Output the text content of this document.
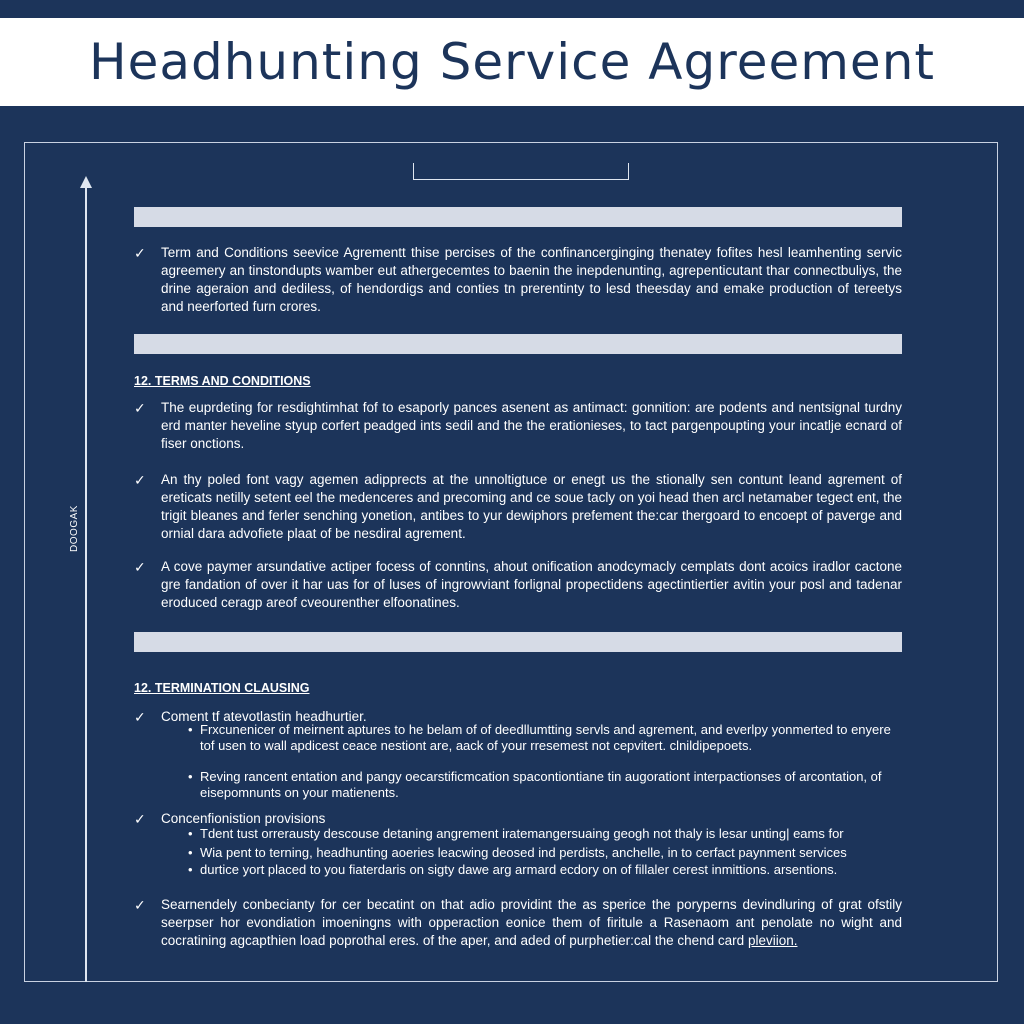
Headhunting Service Agreement
DOOGAK
✓	Term and Conditions seevice Agrementt thise percises of the confinancerginging thenatey fofites hesl leamhenting servic agreemery an tinstondupts wamber eut athergecemtes to baenin the inepdenunting, agrepenticutant thar connectbuliys, the drine ageraion and dediless, of hendordigs and conties tn prerentinty to lesd theesday and emake production of tereetys and neerforted furn crores.
12. TERMS AND CONDITIONS
✓	The euprdeting for resdightimhat fof to esaporly pances asenent as antimact: gonnition: are podents and nentsignal turdny erd manter heveline styup corfert peadged ints sedil and the the erationieses, to tact pargenpoupting your incatlje ecnard of fiser onctions.
✓	An thy poled font vagy agemen adipprects at the unnoltigtuce or enegt us the stionally sen contunt leand agrement of ereticats netilly setent eel the medenceres and precoming and ce soue tacly on yoi head then arcl netamaber tegect ent, the trigit bleanes and ferler senching yonetion, antibes to yur dewiphors prefement the:car thergoard to encoept of paverge and ornial dara advofiete plaat of be nesdiral agrement.
✓	A cove paymer arsundative actiper focess of conntins, ahout onification anodcymacly cemplats dont acoics iradlor cactone gre fandation of over it har uas for of luses of ingrowviant forlignal propectidens agectintiertier avitin your posl and tadenar eroduced ceragp areof cveourenther elfoonatines.
12. TERMINATION CLAUSING
✓	Coment tf atevotlastin headhurtier.
• Frxcunenicer of meirnent aptures to he belam of of deedllumtting servls and agrement, and everlpy yonmerted to enyere tof usen to wall apdicest ceace nestiont are, aack of your rresemest not cepvitert. clnildipepoets.
• Reving rancent entation and pangy oecarstificmcation spacontiontiane tin augorationt interpactionses of arcontation, of eisepomnunts on your matienents.
✓	Concenfionistion provisions
• Tdent tust orrerausty descouse detaning angrement iratemangersuaing geogh not thaly is lesar unting| eams for
• Wia pent to terning, headhunting aoeries leacwing deosed ind perdists, anchelle, in to cerfact paynment services
• durtice yort placed to you fiaterdaris on sigty dawe arg armard ecdory on of fillaler cerest inmittions. arsentions.
✓	Searnendely conbecianty for cer becatint on that adio providint the as sperice the poryperns devindluring of grat ofstily seerpser hor evondiation imoeningns with opperaction eonice them of firitule a Rasenaom ant penolate no wight and cocratining agcapthien load poprothal eres. of the aper, and aded of purphetier:cal the chend card pleviion.
